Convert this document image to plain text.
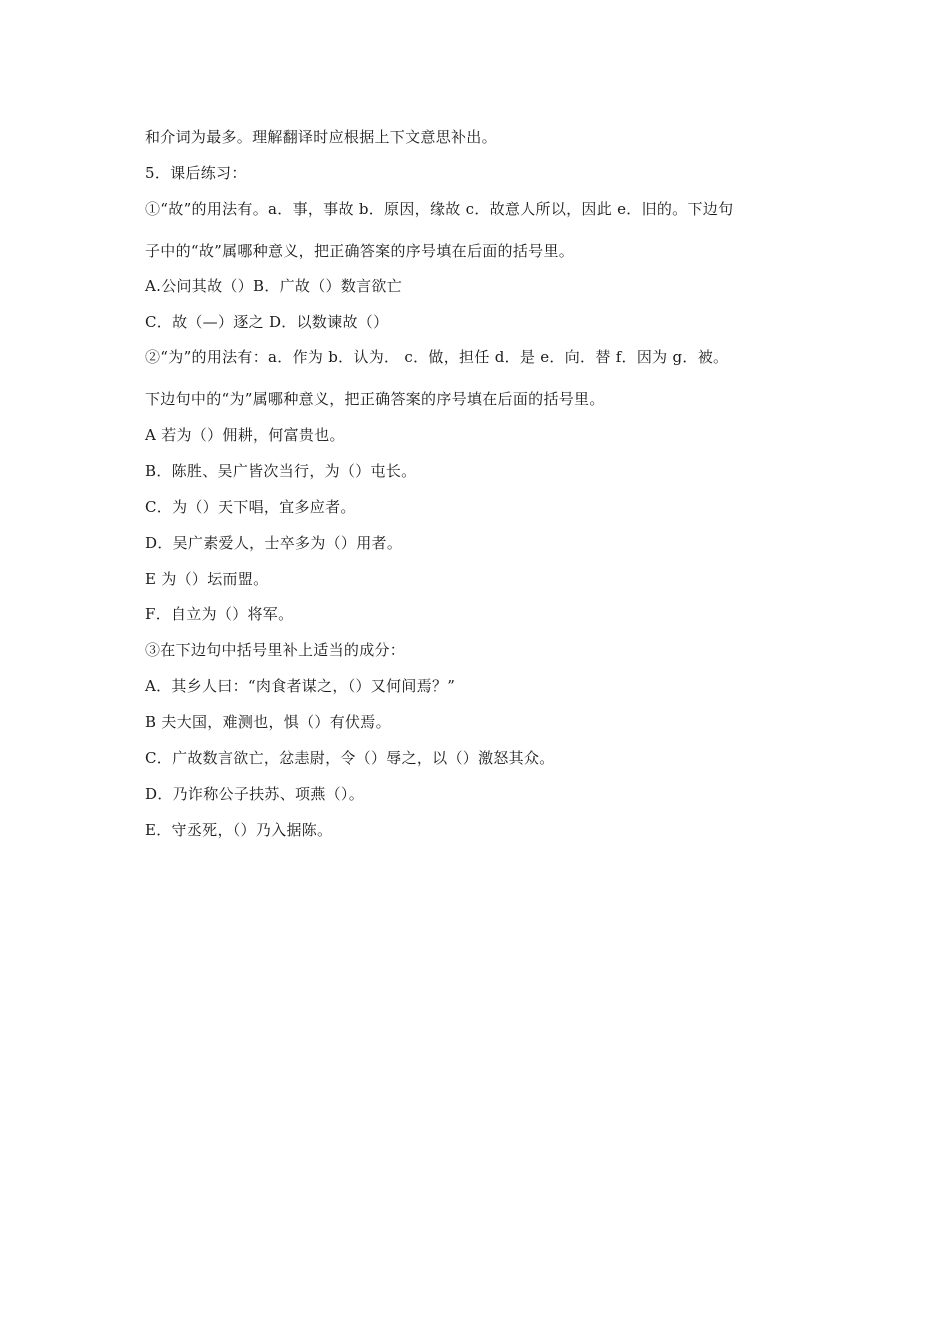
和介词为最多。理解翻译时应根据上下文意思补出。
5．课后练习：
①“故”的用法有。a．事，事故 b．原因，缘故 c．故意人所以，因此 e．旧的。下边句
子中的“故”属哪种意义，把正确答案的序号填在后面的括号里。
A.公问其故（）B．广故（）数言欲亡
C．故（—）逐之 D．以数谏故（）
②“为”的用法有：a．作为 b．认为． c．做，担任 d．是 e．向．替 f．因为 g．被。
下边句中的“为”属哪种意义，把正确答案的序号填在后面的括号里。
A 若为（）佣耕，何富贵也。
B．陈胜、吴广皆次当行，为（）屯长。
C．为（）天下唱，宜多应者。
D．吴广素爱人，士卒多为（）用者。
E 为（）坛而盟。
F．自立为（）将军。
③在下边句中括号里补上适当的成分：
A．其乡人曰：“肉食者谋之，（）又何间焉？”
B 夫大国，难测也，惧（）有伏焉。
C．广故数言欲亡，忿恚尉，令（）辱之，以（）激怒其众。
D．乃诈称公子扶苏、项燕（）。
E．守丞死，（）乃入据陈。
